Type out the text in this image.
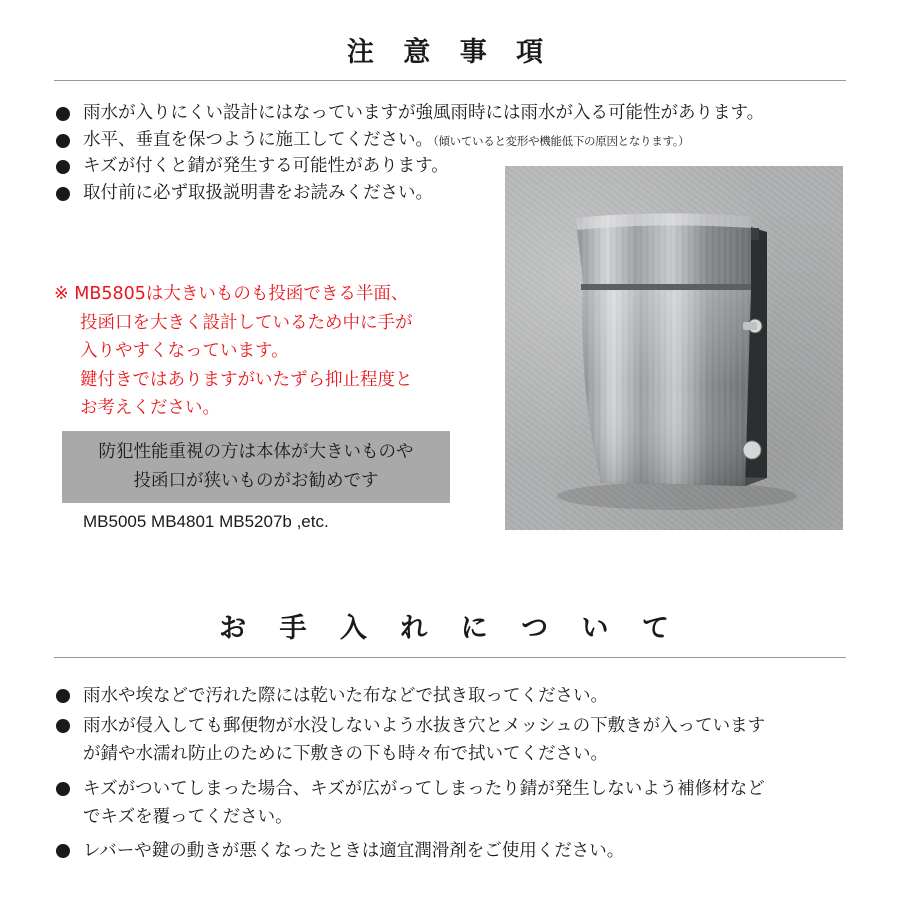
注 意 事 項
雨水が入りにくい設計にはなっていますが強風雨時には雨水が入る可能性があります。
水平、垂直を保つように施工してください。（傾いていると変形や機能低下の原因となります。）
キズが付くと錆が発生する可能性があります。
取付前に必ず取扱説明書をお読みください。
※ MB5805は大きいものも投函できる半面、
投函口を大きく設計しているため中に手が
入りやすくなっています。
鍵付きではありますがいたずら抑止程度と
お考えください。
防犯性能重視の方は本体が大きいものや
投函口が狭いものがお勧めです
MB5005 MB4801 MB5207b ,etc.
お 手 入 れ に つ い て
雨水や埃などで汚れた際には乾いた布などで拭き取ってください。
雨水が侵入しても郵便物が水没しないよう水抜き穴とメッシュの下敷きが入っています
が錆や水濡れ防止のために下敷きの下も時々布で拭いてください。
キズがついてしまった場合、キズが広がってしまったり錆が発生しないよう補修材など
でキズを覆ってください。
レバーや鍵の動きが悪くなったときは適宜潤滑剤をご使用ください。
